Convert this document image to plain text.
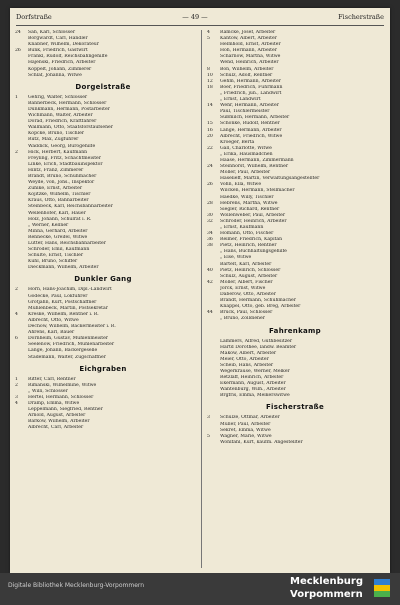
Dorfstraße	— 49 —	Fischerstraße
24	Sah, Karl, Schlosser
Borgwardt, Carl, Händler
Knabner, Wilhelm, Dekorateur
26	Bunk, Friedrich, Gastwirt
Frankl, Rudolf, Reichsbahngehilfe
Hajenski, Friedrich, Arbeiter
Koppelt, Johann, Zimmerer
Schlaf, Johanna, Witwe
Dorgelstraße
1	Gehrig, Walter, Schlosser
Bannerbeck, Hermann, Schlosser
Dunkmann, Hermann, Postarbeiter
Wichmann, Walter, Arbeiter
Dorad, Friedrich, Kraftfahrer
Wallmann, Otto, Staatsforstaufseher
Kopcke, Bruno, Tischler
Rutz, Max, Zugführer
Waddick, Georg, Bürogehilfe
2	Hick, Herbert, Kaufmann
Freyling, Fritz, Schachtmeister
Linke, Erich, Stadtbauinspektor
Hintz, Franz, Zimmerer
Brandt, Bruno, Schuhmacher
Weyde, von, Johs., Inspektor
Zühlke, Ernst, Arbeiter
Kojitzke, Wilhelm, Tischler
Kraus, Otto, Bahnarbeiter
Steinbeck, Karl, Reichsbahnarbeiter
Wellenhöfer, Karl, Hauer
Holz, Johann, Schulrat i. R.
„ Werner, Kellner
Minna, Gerhard, Arbeiter
Rennecke, Greifel, Witwe
Lutter, Hans, Reichsbahnarbeiter
Schröder, Emil, Kaufmann
Schulte, Ernst, Tischler
Kühl, Bruno, Schiffer
Dieckmann, Wilhelm, Arbeiter
Dunkler Gang
2	Horn, Hans-Joachim, Dipl.-Landwirt
Gödecke, Paul, Lokführer
Grotjahn, Kurt, Postschaffner
Mühlenbeck, Martin, Postsekretär
4	Kreske, Wilhelm, Rentner i. R.
Albrecht, Otto, Witwe
Dechow, Wilhelm, Bäckermeister i. R.
Ahrens, Karl, Bauer
6	Dornheim, Gustav, Mühlenmeister
Seelenow, Friedrich, Mühlenarbeiter
Lange, Johann, Bäckergeselle
Stademann, Walter, Zugschaffner
Eichgraben
1	Ritter, Carl, Rentner
2	Rimanski, Wilhelmine, Witwe
„ Willi, Schlosser
3	Hertel, Hermann, Schlosser
4	Dramp, Emma, Witwe
Leppelmann, Siegfried, Rentner
Arnold, August, Arbeiter
Barkow, Wilhelm, Arbeiter
Albrecht, Carl, Arbeiter
4	Ramcke, Josef, Arbeiter
5	Kantow, Albert, Arbeiter
Helmhold, Ernst, Arbeiter
Hoh, Hermann, Arbeiter
Scharnow, Martha, Witwe
Wend, Heinrich, Arbeiter
8	Bon, Wilhelm, Arbeiter
10	Schulz, Adolf, Rentner
12	Gehm, Hermann, Arbeiter
18	Boer, Friedrich, Fuhrmann
„ Friedrich, jun., Landwirt
„ Ernst, Landwirt
14	Wehr, Hermann, Arbeiter
Paul, Tischlermeister
Süßmilch, Hermann, Arbeiter
15	Schönke, Rudolf, Rentner
16	Lange, Hermann, Arbeiter
20	Albrecht, Friedrich, Witwe
Kroeger, Berta
22	Gall, Charlotte, Witwe
„ Erika, Hausmädchen
Haase, Hermann, Zimmermann
24	Steinhorst, Wilhelm, Rentner
Möller, Paul, Arbeiter
Haselieff, Martin, Verwaltungsangestellter
26	Vohn, Ella, Witwe
Wilcken, Hermann, Stellmacher
Haedke, Willy, Tischler
28	Hebrens, Martha, Witwe
Siegler, Richard, Rentner
30	Wollenweber, Paul, Arbeiter
32	Schröder, Heinrich, Arbeiter
„ Ernst, Kaufmann
34	Homann, Otto, Fischer
36	Reimer, Friedrich, Kapitän
38	Pietz, Heinrich, Rentner
„ Hans, Buchhaltungsgehilfe
„ Else, Witwe
Bartelt, Karl, Arbeiter
40	Pietz, Heinrich, Schlosser
Schulz, August, Arbeiter
42	Möller, Albert, Fischer
Jorck, Ernst, Witwe
Daberow, Otto, Arbeiter
Brandt, Hermann, Schuhmacher
Knappel, Otto, geb. Breg, Arbeiter
44	Brück, Paul, Schlosser
„ Bruno, Zolldiener
Fahrenkamp
Lammers, Alfred, Guthbesitzer
Hartd Dorothee, landw. Beamter
Makow, Albert, Arbeiter
Meier, Otto, Arbeiter
Scheib, Hans, Arbeiter
Wegerkrause, Werner, Melker
Retzlaff, Heinrich, Arbeiter
Ekermann, August, Arbeiter
Wantenburg, Wilh., Arbeiter
Brgfris, Emma, Melkerswitwe
Fischerstraße
3	Schulze, Ottmar, Arbeiter
Müller, Paul, Arbeiter
Sekret, Emma, Witwe
5	Wagner, Marie, Witwe
Wohlfahl, Kurt, kaufm. Angestellter
Digitale Bibliothek Mecklenburg-Vorpommern	Mecklenburg
Vorpommern
